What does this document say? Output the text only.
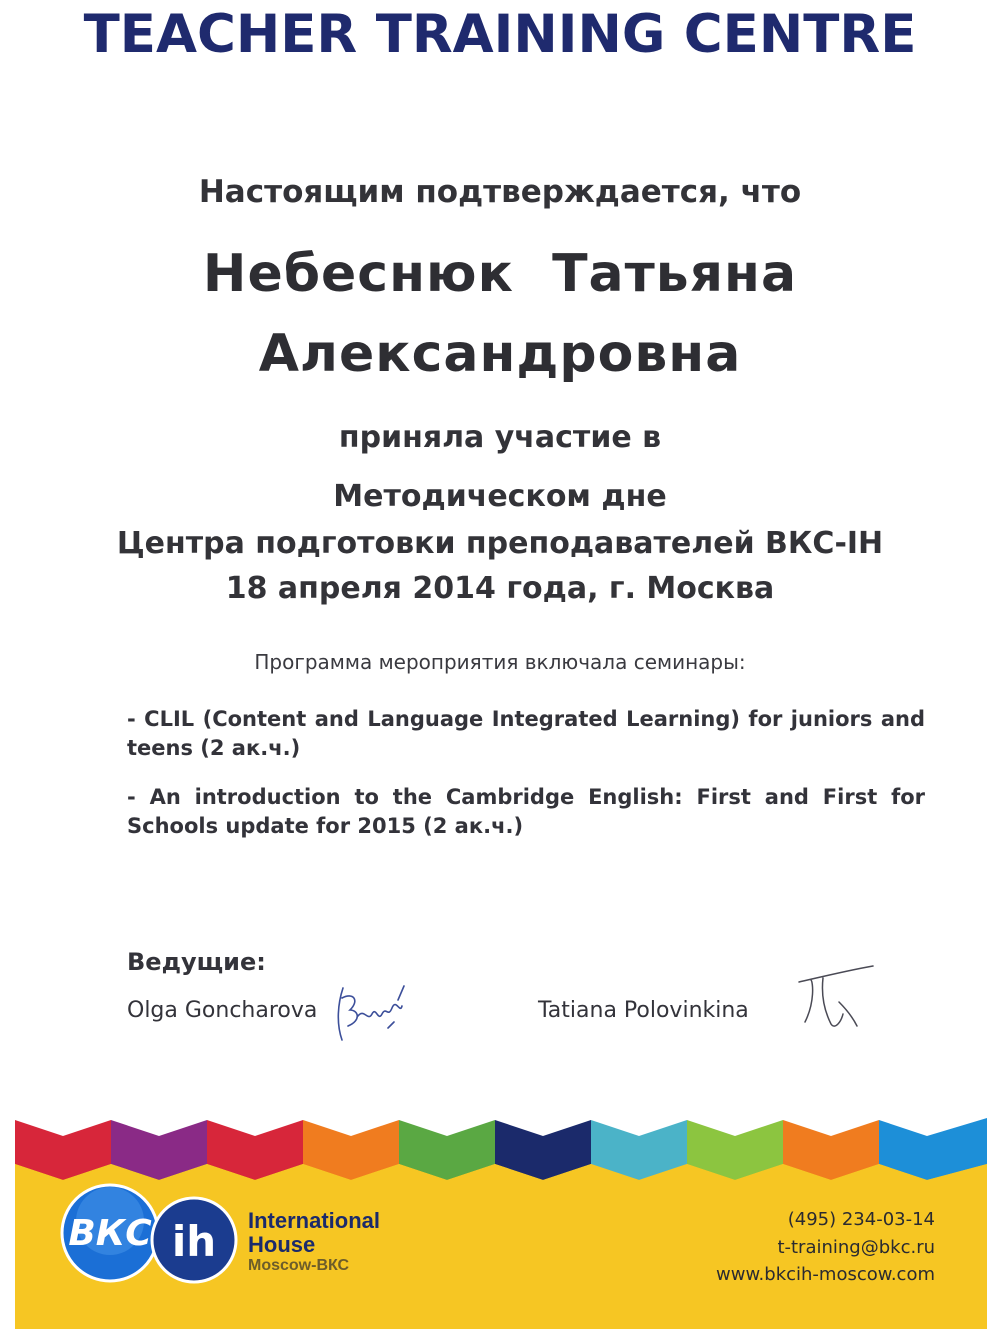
TEACHER TRAINING CENTRE
Настоящим подтверждается, что
Небеснюк  Татьяна
Александровна
приняла участие в
Методическом дне
Центра подготовки преподавателей ВКС-IH
18 апреля 2014 года, г. Москва
Программа мероприятия включала семинары:
- CLIL (Content and Language Integrated Learning) for juniors and teens (2 ак.ч.)
- An introduction to the Cambridge English: First and First for Schools update for 2015 (2 ак.ч.)
Ведущие:
Olga Goncharova	Tatiana Polovinkina
ВКС ih International
House
Moscow-ВКС
(495) 234-03-14
t-training@bkc.ru
www.bkcih-moscow.com
